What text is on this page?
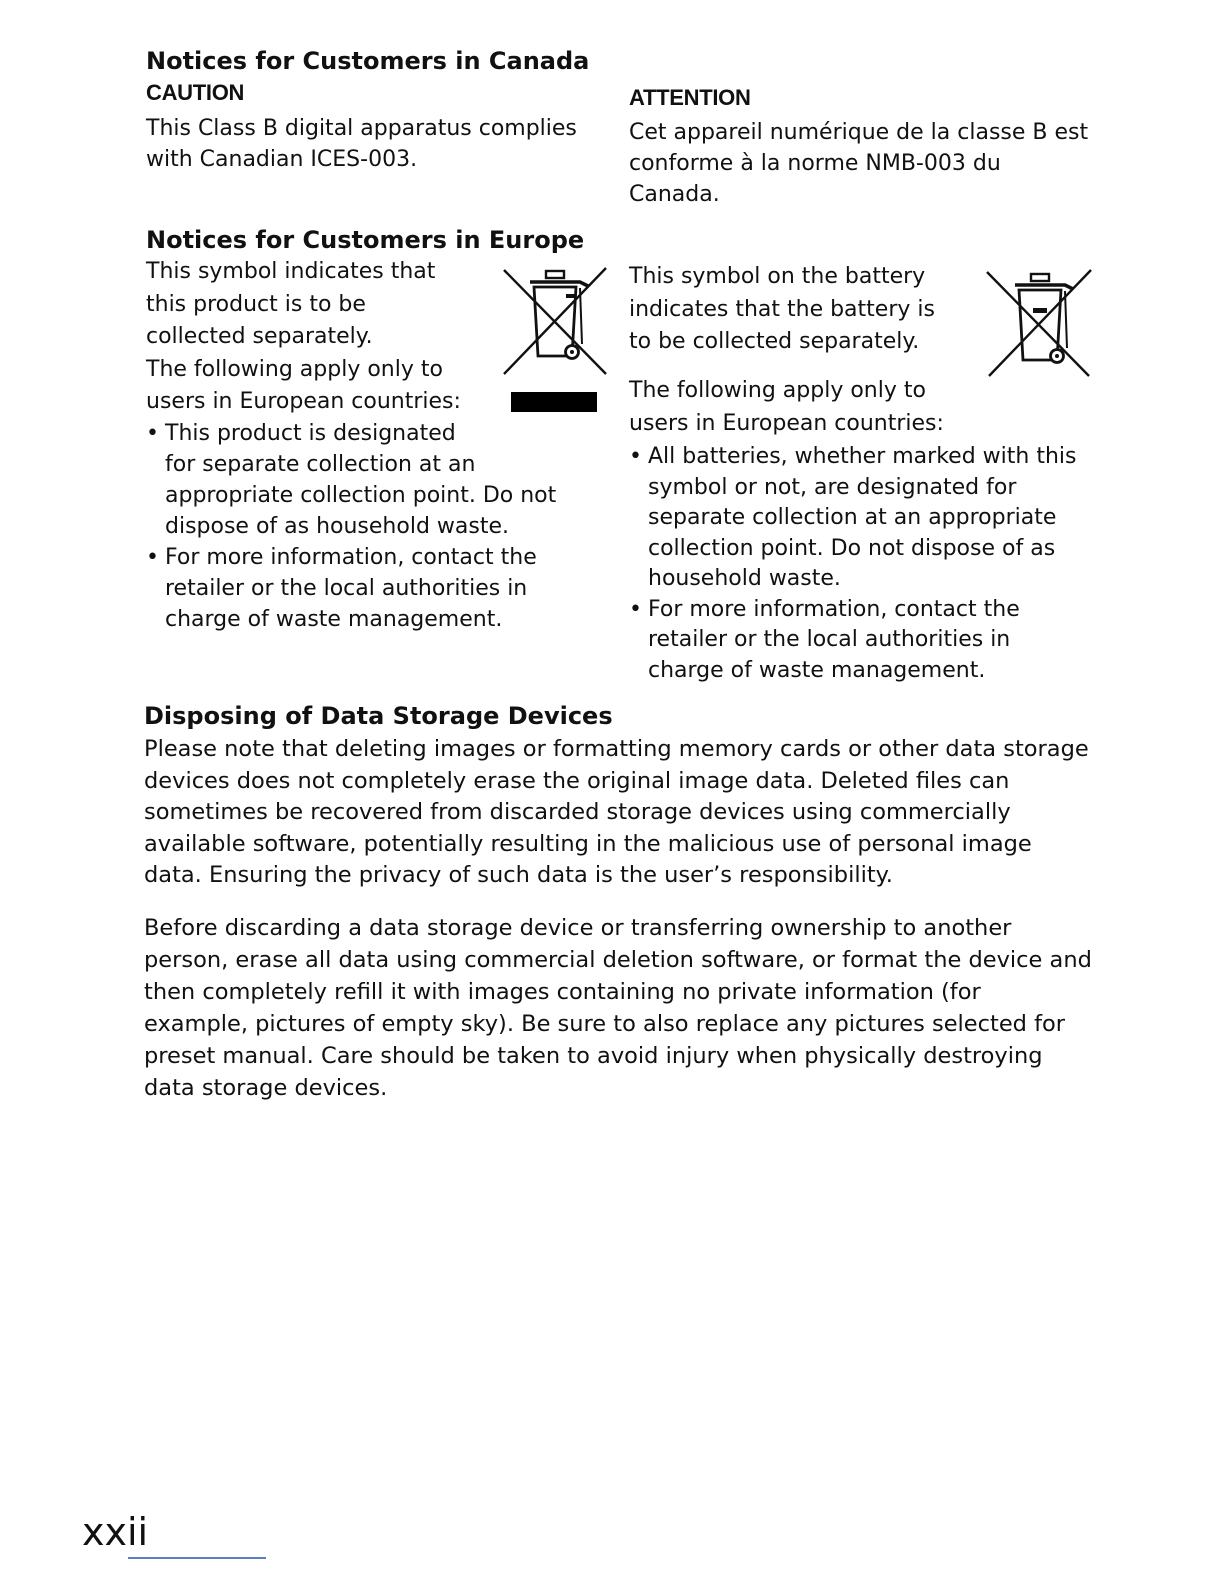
Notices for Customers in Canada
CAUTION
This Class B digital apparatus complies
with Canadian ICES-003.
ATTENTION
Cet appareil numérique de la classe B est
conforme à la norme NMB-003 du
Canada.
Notices for Customers in Europe
This symbol indicates that
this product is to be
collected separately.
The following apply only to
users in European countries:
• This product is designated
for separate collection at an
appropriate collection point. Do not
dispose of as household waste.
• For more information, contact the
retailer or the local authorities in
charge of waste management.
This symbol on the battery
indicates that the battery is
to be collected separately.
The following apply only to
users in European countries:
• All batteries, whether marked with this
symbol or not, are designated for
separate collection at an appropriate
collection point. Do not dispose of as
household waste.
• For more information, contact the
retailer or the local authorities in
charge of waste management.
Disposing of Data Storage Devices
Please note that deleting images or formatting memory cards or other data storage
devices does not completely erase the original image data. Deleted files can
sometimes be recovered from discarded storage devices using commercially
available software, potentially resulting in the malicious use of personal image
data. Ensuring the privacy of such data is the user’s responsibility.
Before discarding a data storage device or transferring ownership to another
person, erase all data using commercial deletion software, or format the device and
then completely refill it with images containing no private information (for
example, pictures of empty sky). Be sure to also replace any pictures selected for
preset manual. Care should be taken to avoid injury when physically destroying
data storage devices.
xxii
